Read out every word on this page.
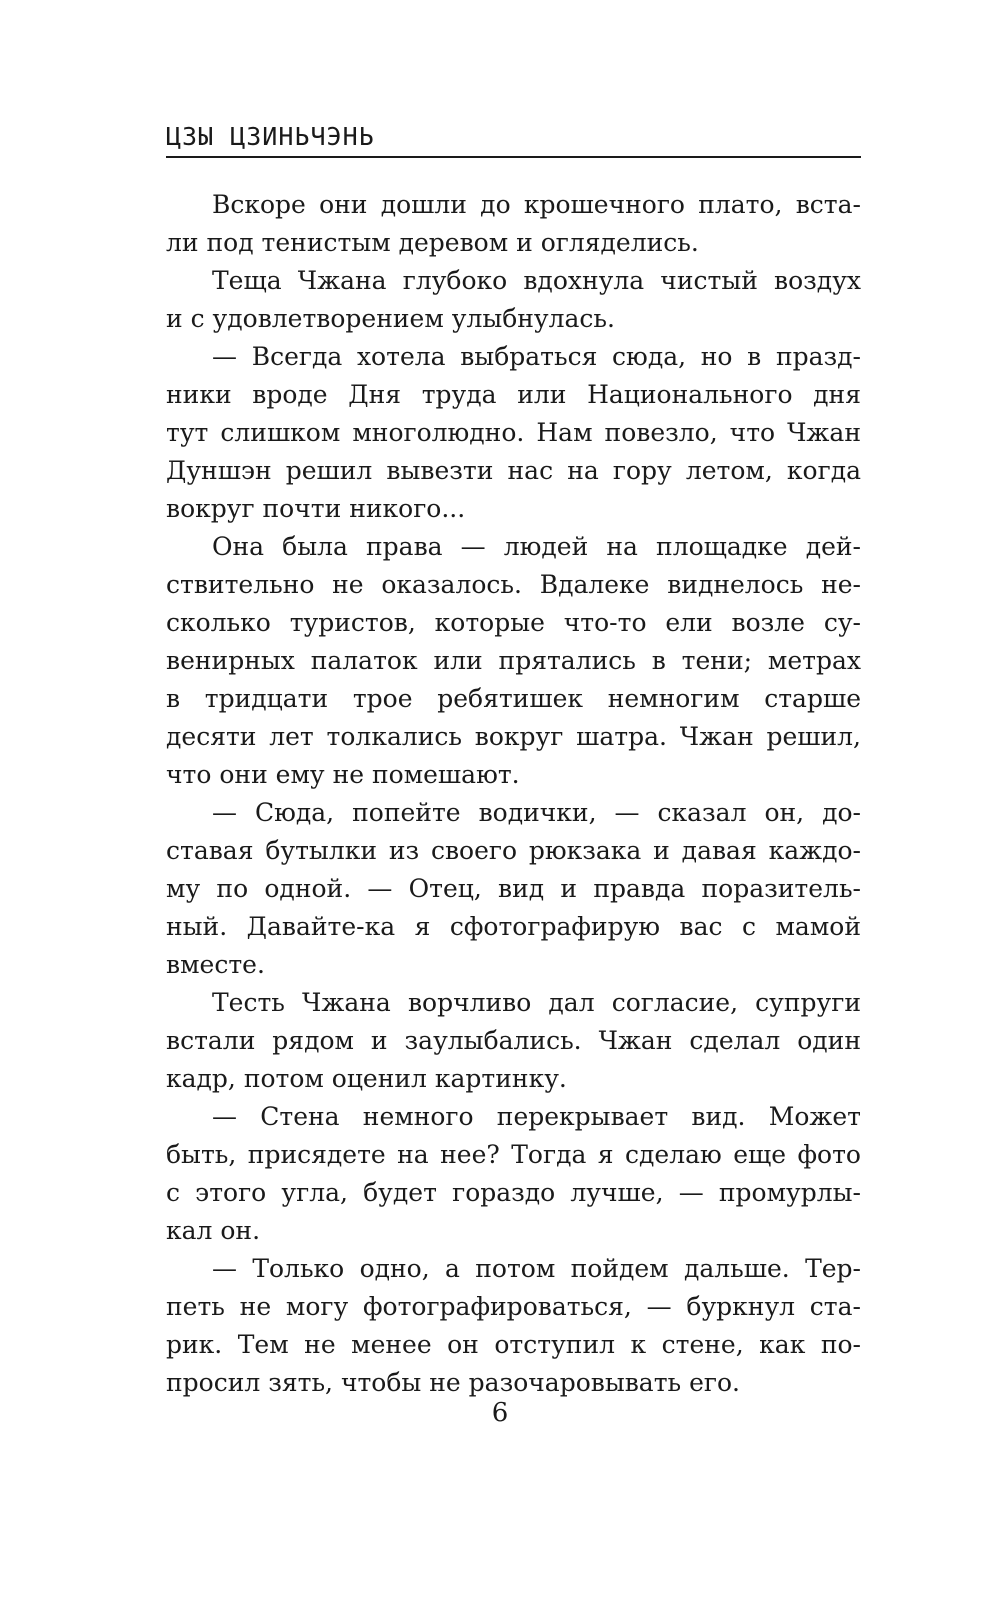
ЦЗЫ ЦЗИНЬЧЭНЬ
Вскоре они дошли до крошечного плато, вста-
ли под тенистым деревом и огляделись.
Теща Чжана глубоко вдохнула чистый воздух
и с удовлетворением улыбнулась.
— Всегда хотела выбраться сюда, но в празд-
ники вроде Дня труда или Национального дня
тут слишком многолюдно. Нам повезло, что Чжан
Дуншэн решил вывезти нас на гору летом, когда
вокруг почти никого...
Она была права — людей на площадке дей-
ствительно не оказалось. Вдалеке виднелось не-
сколько туристов, которые что-то ели возле су-
венирных палаток или прятались в тени; метрах
в тридцати трое ребятишек немногим старше
десяти лет толкались вокруг шатра. Чжан решил,
что они ему не помешают.
— Сюда, попейте водички, — сказал он, до-
ставая бутылки из своего рюкзака и давая каждо-
му по одной. — Отец, вид и правда поразитель-
ный. Давайте-ка я сфотографирую вас с мамой
вместе.
Тесть Чжана ворчливо дал согласие, супруги
встали рядом и заулыбались. Чжан сделал один
кадр, потом оценил картинку.
— Стена немного перекрывает вид. Может
быть, присядете на нее? Тогда я сделаю еще фото
с этого угла, будет гораздо лучше, — промурлы-
кал он.
— Только одно, а потом пойдем дальше. Тер-
петь не могу фотографироваться, — буркнул ста-
рик. Тем не менее он отступил к стене, как по-
просил зять, чтобы не разочаровывать его.
6
